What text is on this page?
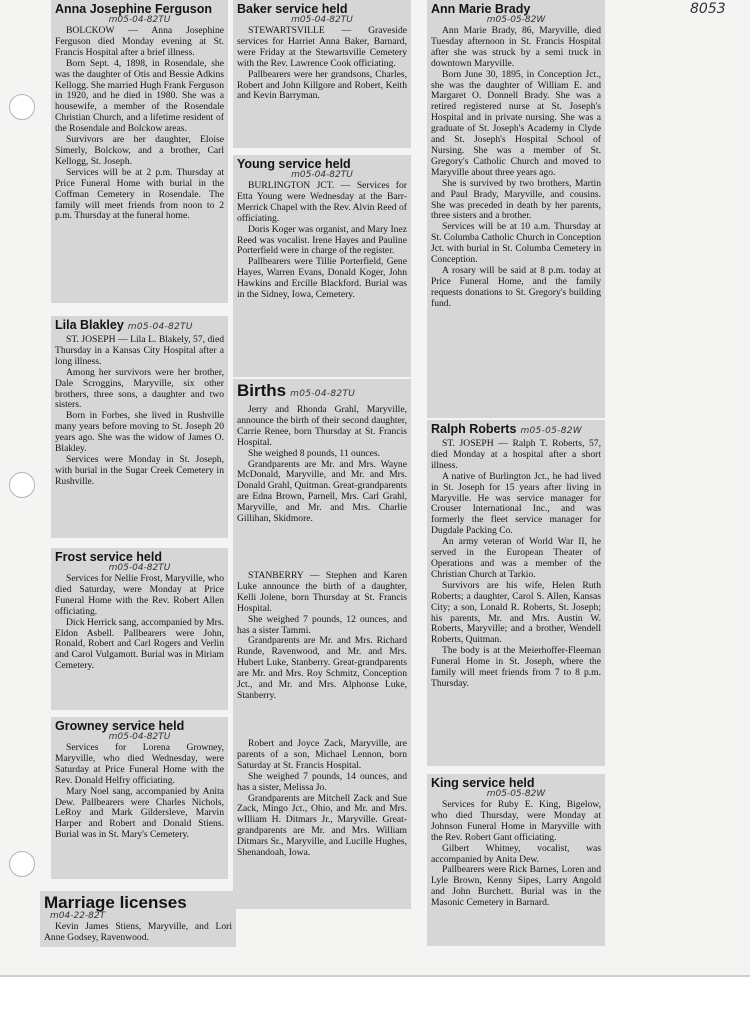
8053
Anna Josephine Ferguson
m05-04-82TU

BOLCKOW — Anna Josephine Ferguson died Monday evening at St. Francis Hospital after a brief illness.

Born Sept. 4, 1898, in Rosendale, she was the daughter of Otis and Bessie Adkins Kellogg. She married Hugh Frank Ferguson in 1920, and he died in 1980. She was a housewife, a member of the Rosendale Christian Church, and a lifetime resident of the Rosendale and Bolckow areas.

Survivors are her daughter, Eloise Simerly, Bolckow, and a brother, Carl Kellogg, St. Joseph.

Services will be at 2 p.m. Thursday at Price Funeral Home with burial in the Coffman Cemetery in Rosendale. The family will meet friends from noon to 2 p.m. Thursday at the funeral home.

Lila Blakley m05-04-82TU

ST. JOSEPH — Lila L. Blakely, 57, died Thursday in a Kansas City Hospital after a long illness.

Among her survivors were her brother, Dale Scroggins, Maryville, six other brothers, three sons, a daughter and two sisters.

Born in Forbes, she lived in Rushville many years before moving to St. Joseph 20 years ago. She was the widow of James O. Blakley.

Services were Monday in St. Joseph, with burial in the Sugar Creek Cemetery in Rushville.

Frost service held
m05-04-82TU

Services for Nellie Frost, Maryville, who died Saturday, were Monday at Price Funeral Home with the Rev. Robert Allen officiating.

Dick Herrick sang, accompanied by Mrs. Eldon Asbell. Pallbearers were John, Ronald, Robert and Carl Rogers and Verlin and Carol Vulgamott. Burial was in Miriam Cemetery.

Growney service held
m05-04-82TU

Services for Lorena Growney, Maryville, who died Wednesday, were Saturday at Price Funeral Home with the Rev. Donald Helfry officiating.

Mary Noel sang, accompanied by Anita Dew. Pallbearers were Charles Nichols, LeRoy and Mark Gildersleve, Marvin Harper and Robert and Donald Stiens. Burial was in St. Mary's Cemetery.

Marriage licenses
m04-22-82T

Kevin James Stiens, Maryville, and Lori Anne Godsey, Ravenwood.

Baker service held
m05-04-82TU

STEWARTSVILLE — Graveside services for Harriet Anna Baker, Barnard, were Friday at the Stewartsville Cemetery with the Rev. Lawrence Cook officiating.

Pallbearers were her grandsons, Charles, Robert and John Killgore and Robert, Keith and Kevin Barryman.

Young service held
m05-04-82TU

BURLINGTON JCT. — Services for Etta Young were Wednesday at the Barr-Merrick Chapel with the Rev. Alvin Reed of officiating.

Doris Koger was organist, and Mary Inez Reed was vocalist. Irene Hayes and Pauline Porterfield were in charge of the register.

Pallbearers were Tillie Porterfield, Gene Hayes, Warren Evans, Donald Koger, John Hawkins and Ercille Blackford. Burial was in the Sidney, Iowa, Cemetery.

Births m05-04-82TU

Jerry and Rhonda Grahl, Maryville, announce the birth of their second daughter, Carrie Renee, born Thursday at St. Francis Hospital.

She weighed 8 pounds, 11 ounces.

Grandparents are Mr. and Mrs. Wayne McDonald, Maryville, and Mr. and Mrs. Donald Grahl, Quitman. Great-grandparents are Edna Brown, Parnell, Mrs. Carl Grahl, Maryville, and Mr. and Mrs. Charlie Gillihan, Skidmore.

STANBERRY — Stephen and Karen Luke announce the birth of a daughter, Kelli Jolene, born Thursday at St. Francis Hospital.

She weighed 7 pounds, 12 ounces, and has a sister Tammi.

Grandparents are Mr. and Mrs. Richard Runde, Ravenwood, and Mr. and Mrs. Hubert Luke, Stanberry. Great-grandparents are Mr. and Mrs. Roy Schmitz, Conception Jct., and Mr. and Mrs. Alphonse Luke, Stanberry.

Robert and Joyce Zack, Maryville, are parents of a son, Michael Lennon, born Saturday at St. Francis Hospital.

She weighed 7 pounds, 14 ounces, and has a sister, Melissa Jo.

Grandparents are Mitchell Zack and Sue Zack, Mingo Jct., Ohio, and Mr. and Mrs. wIlliam H. Ditmars Jr., Maryville. Great-grandparents are Mr. and Mrs. William Ditmars Sr., Maryville, and Lucille Hughes, Shenandoah, Iowa.

Ann Marie Brady
m05-05-82W

Ann Marie Brady, 86, Maryville, died Tuesday afternoon in St. Francis Hospital after she was struck by a semi truck in downtown Maryville.

Born June 30, 1895, in Conception Jct., she was the daughter of William E. and Margaret O. Donnell Brady. She was a retired registered nurse at St. Joseph's Hospital and in private nursing. She was a graduate of St. Joseph's Academy in Clyde and St. Joseph's Hospital School of Nursing. She was a member of St. Gregory's Catholic Church and moved to Maryville about three years ago.

She is survived by two brothers, Martin and Paul Brady, Maryville, and cousins. She was preceded in death by her parents, three sisters and a brother.

Services will be at 10 a.m. Thursday at St. Columba Catholic Church in Conception Jct. with burial in St. Columba Cemetery in Conception.

A rosary will be said at 8 p.m. today at Price Funeral Home, and the family requests donations to St. Gregory's building fund.

Ralph Roberts m05-05-82W

ST. JOSEPH — Ralph T. Roberts, 57, died Monday at a hospital after a short illness.

A native of Burlington Jct., he had lived in St. Joseph for 15 years after living in Maryville. He was service manager for Crouser International Inc., and was formerly the fleet service manager for Dugdale Packing Co.

An army veteran of World War II, he served in the European Theater of Operations and was a member of the Christian Church at Tarkio.

Survivors are his wife, Helen Ruth Roberts; a daughter, Carol S. Allen, Kansas City; a son, Lonald R. Roberts, St. Joseph; his parents, Mr. and Mrs. Austin W. Roberts, Maryville; and a brother, Wendell Roberts, Quitman.

The body is at the Meierhoffer-Fleeman Funeral Home in St. Joseph, where the family will meet friends from 7 to 8 p.m. Thursday.

King service held
m05-05-82W

Services for Ruby E. King, Bigelow, who died Thursday, were Monday at Johnson Funeral Home in Maryville with the Rev. Robert Gant officiating.

Gilbert Whitney, vocalist, was accompanied by Anita Dew.

Pallbearers were Rick Barnes, Loren and Lyle Brown, Kenny Sipes, Larry Angold and John Burchett. Burial was in the Masonic Cemetery in Barnard.
